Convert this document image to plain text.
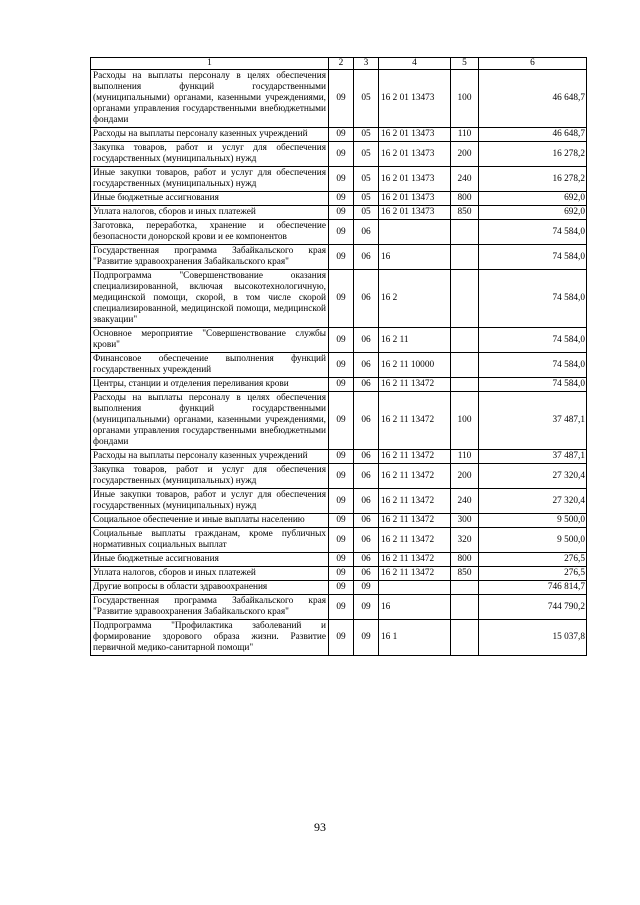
1	2	3	4	5	6
Расходы на выплаты персоналу в целях обеспечения выполнения функций государственными (муниципальными) органами, казенными учреждениями, органами управления государственными внебюджетными фондами	09	05	16 2 01 13473	100	46 648,7
Расходы на выплаты персоналу казенных учреждений	09	05	16 2 01 13473	110	46 648,7
Закупка товаров, работ и услуг для обеспечения государственных (муниципальных) нужд	09	05	16 2 01 13473	200	16 278,2
Иные закупки товаров, работ и услуг для обеспечения государственных (муниципальных) нужд	09	05	16 2 01 13473	240	16 278,2
Иные бюджетные ассигнования	09	05	16 2 01 13473	800	692,0
Уплата налогов, сборов и иных платежей	09	05	16 2 01 13473	850	692,0
Заготовка, переработка, хранение и обеспечение безопасности донорской крови и ее компонентов	09	06			74 584,0
Государственная программа Забайкальского края "Развитие здравоохранения Забайкальского края"	09	06	16		74 584,0
Подпрограмма "Совершенствование оказания специализированной, включая высокотехнологичную, медицинской помощи, скорой, в том числе скорой специализированной, медицинской помощи, медицинской эвакуации"	09	06	16 2		74 584,0
Основное мероприятие "Совершенствование службы крови"	09	06	16 2 11		74 584,0
Финансовое обеспечение выполнения функций государственных учреждений	09	06	16 2 11 10000		74 584,0
Центры, станции и отделения переливания крови	09	06	16 2 11 13472		74 584,0
Расходы на выплаты персоналу в целях обеспечения выполнения функций государственными (муниципальными) органами, казенными учреждениями, органами управления государственными внебюджетными фондами	09	06	16 2 11 13472	100	37 487,1
Расходы на выплаты персоналу казенных учреждений	09	06	16 2 11 13472	110	37 487,1
Закупка товаров, работ и услуг для обеспечения государственных (муниципальных) нужд	09	06	16 2 11 13472	200	27 320,4
Иные закупки товаров, работ и услуг для обеспечения государственных (муниципальных) нужд	09	06	16 2 11 13472	240	27 320,4
Социальное обеспечение и иные выплаты населению	09	06	16 2 11 13472	300	9 500,0
Социальные выплаты гражданам, кроме публичных нормативных социальных выплат	09	06	16 2 11 13472	320	9 500,0
Иные бюджетные ассигнования	09	06	16 2 11 13472	800	276,5
Уплата налогов, сборов и иных платежей	09	06	16 2 11 13472	850	276,5
Другие вопросы в области здравоохранения	09	09			746 814,7
Государственная программа Забайкальского края "Развитие здравоохранения Забайкальского края"	09	09	16		744 790,2
Подпрограмма "Профилактика заболеваний и формирование здорового образа жизни. Развитие первичной медико-санитарной помощи"	09	09	16 1		15 037,8
93
